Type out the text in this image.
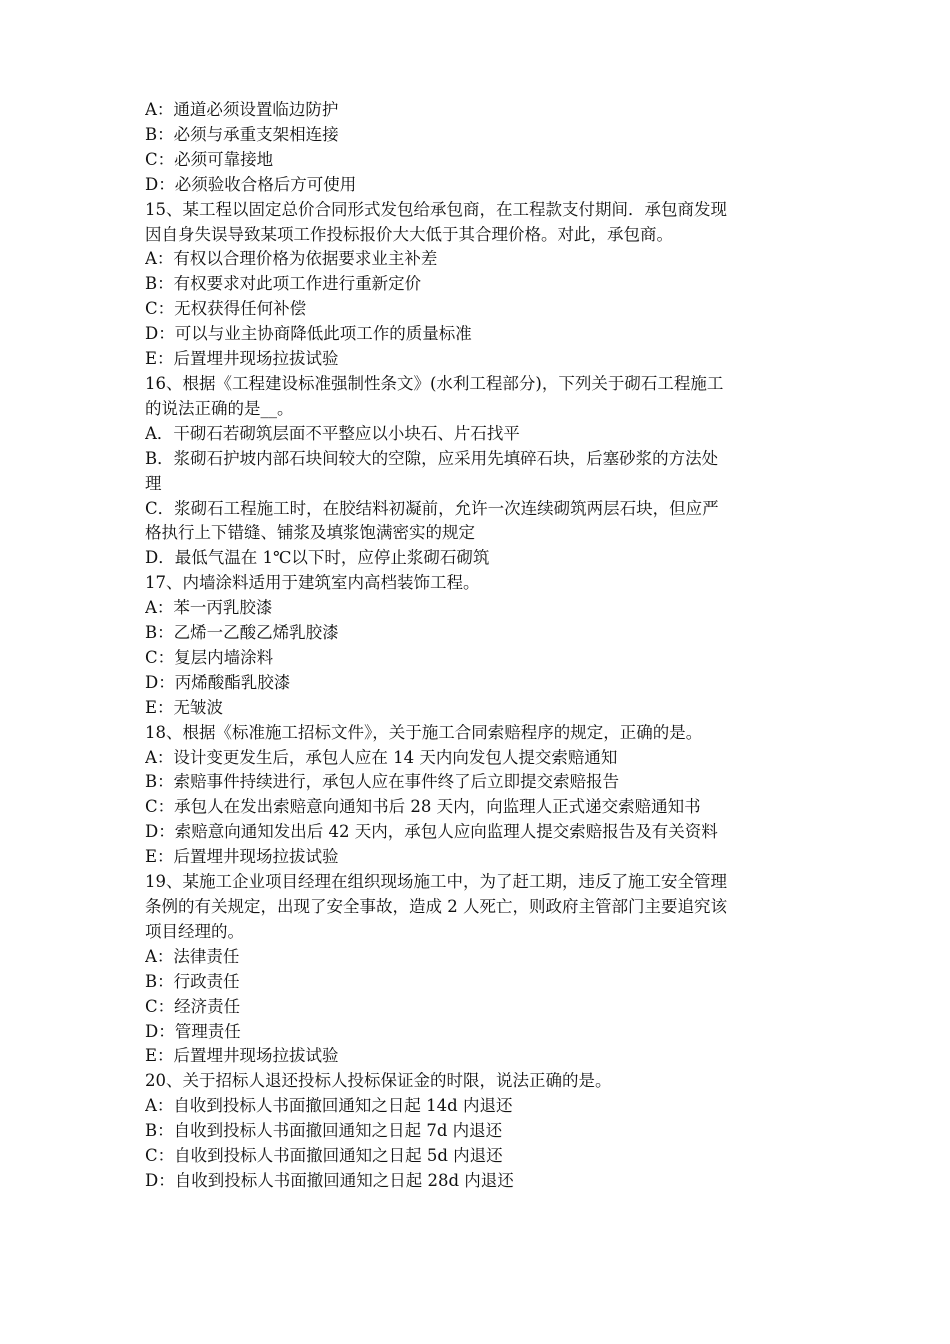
A：通道必须设置临边防护

B：必须与承重支架相连接

C：必须可靠接地

D：必须验收合格后方可使用

15、某工程以固定总价合同形式发包给承包商，在工程款支付期间．承包商发现

因自身失误导致某项工作投标报价大大低于其合理价格。对此，承包商。

A：有权以合理价格为依据要求业主补差

B：有权要求对此项工作进行重新定价

C：无权获得任何补偿

D：可以与业主协商降低此项工作的质量标准

E：后置埋井现场拉拔试验

16、根据《工程建设标准强制性条文》(水利工程部分)，下列关于砌石工程施工

的说法正确的是__。

A．干砌石若砌筑层面不平整应以小块石、片石找平

B．浆砌石护坡内部石块间较大的空隙，应采用先填碎石块，后塞砂浆的方法处

理

C．浆砌石工程施工时，在胶结料初凝前，允许一次连续砌筑两层石块，但应严

格执行上下错缝、铺浆及填浆饱满密实的规定

D．最低气温在 1℃以下时，应停止浆砌石砌筑

17、内墙涂料适用于建筑室内高档装饰工程。

A：苯一丙乳胶漆

B：乙烯一乙酸乙烯乳胶漆

C：复层内墙涂料

D：丙烯酸酯乳胶漆

E：无皱波

18、根据《标准施工招标文件》，关于施工合同索赔程序的规定，正确的是。

A：设计变更发生后，承包人应在 14 天内向发包人提交索赔通知

B：索赔事件持续进行，承包人应在事件终了后立即提交索赔报告

C：承包人在发出索赔意向通知书后 28 天内，向监理人正式递交索赔通知书

D：索赔意向通知发出后 42 天内，承包人应向监理人提交索赔报告及有关资料

E：后置埋井现场拉拔试验

19、某施工企业项目经理在组织现场施工中，为了赶工期，违反了施工安全管理

条例的有关规定，出现了安全事故，造成 2 人死亡，则政府主管部门主要追究该

项目经理的。

A：法律责任

B：行政责任

C：经济责任

D：管理责任

E：后置埋井现场拉拔试验

20、关于招标人退还投标人投标保证金的时限，说法正确的是。

A：自收到投标人书面撤回通知之日起 14d 内退还

B：自收到投标人书面撤回通知之日起 7d 内退还

C：自收到投标人书面撤回通知之日起 5d 内退还

D：自收到投标人书面撤回通知之日起 28d 内退还
